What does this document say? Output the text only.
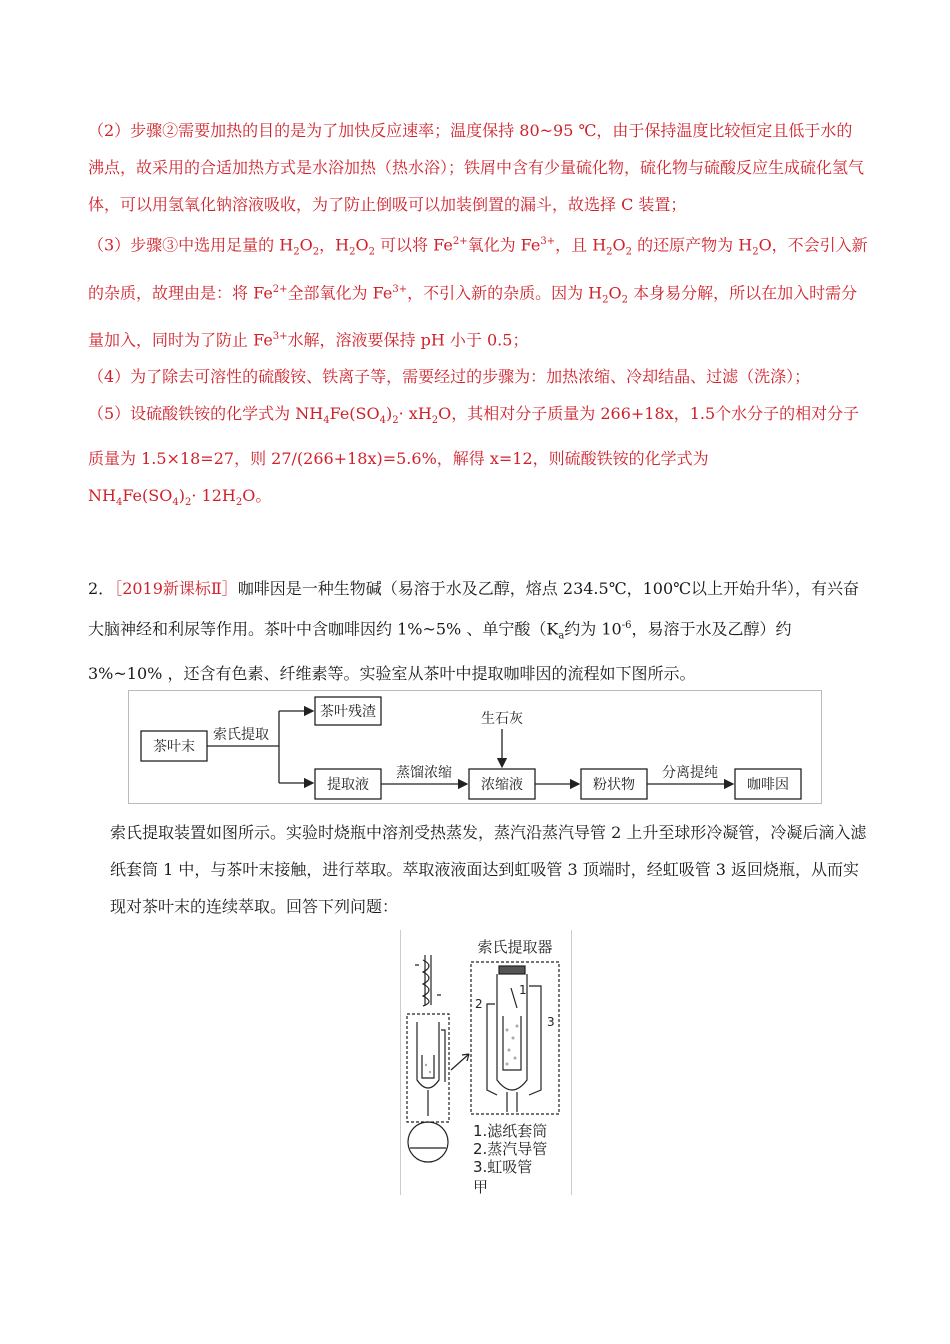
（2）步骤②需要加热的目的是为了加快反应速率；温度保持 80~95 ℃，由于保持温度比较恒定且低于水的沸点，故采用的合适加热方式是水浴加热（热水浴）；铁屑中含有少量硫化物，硫化物与硫酸反应生成硫化氢气体，可以用氢氧化钠溶液吸收，为了防止倒吸可以加装倒置的漏斗，故选择 C 装置；

（3）步骤③中选用足量的 $H_2O_2$，$H_2O_2$ 可以将 $Fe^{2+}$氧化为 $Fe^{3+}$，且 $H_2O_2$ 的还原产物为 $H_2O$，不会引入新的杂质，故理由是：将 $Fe^{2+}$全部氧化为 $Fe^{3+}$，不引入新的杂质。因为 $H_2O_2$ 本身易分解，所以在加入时需分量加入，同时为了防止 $Fe^{3+}$水解，溶液要保持 pH 小于 0.5；

（4）为了除去可溶性的硫酸铵、铁离子等，需要经过的步骤为：加热浓缩、冷却结晶、过滤（洗涤）；

（5）设硫酸铁铵的化学式为 $NH_4Fe(SO_4)_2\cdot xH_2O$，其相对分子质量为 266+18x，1.5个水分子的相对分子质量为 1.5×18=27，则 27/(266+18x)=5.6%，解得 x=12，则硫酸铁铵的化学式为

$NH_4Fe(SO_4)_2\cdot 12H_2O$。

2．［2019新课标Ⅱ］咖啡因是一种生物碱（易溶于水及乙醇，熔点 234.5℃，100℃以上开始升华），有兴奋大脑神经和利尿等作用。茶叶中含咖啡因约 1%~5% 、单宁酸（$K_a$约为 $10^{-6}$，易溶于水及乙醇）约 3%~10% ，还含有色素、纤维素等。实验室从茶叶中提取咖啡因的流程如下图所示。

茶叶末
索氏提取
茶叶残渣
提取液
蒸馏浓缩
生石灰
浓缩液	粉状物
分离提纯
咖啡因

索氏提取装置如图所示。实验时烧瓶中溶剂受热蒸发，蒸汽沿蒸汽导管 2 上升至球形冷凝管，冷凝后滴入滤纸套筒 1 中，与茶叶末接触，进行萃取。萃取液液面达到虹吸管 3 顶端时，经虹吸管 3 返回烧瓶，从而实现对茶叶末的连续萃取。回答下列问题：

索氏提取器
1
2
3
1.滤纸套筒
2.蒸汽导管
3.虹吸管
甲
